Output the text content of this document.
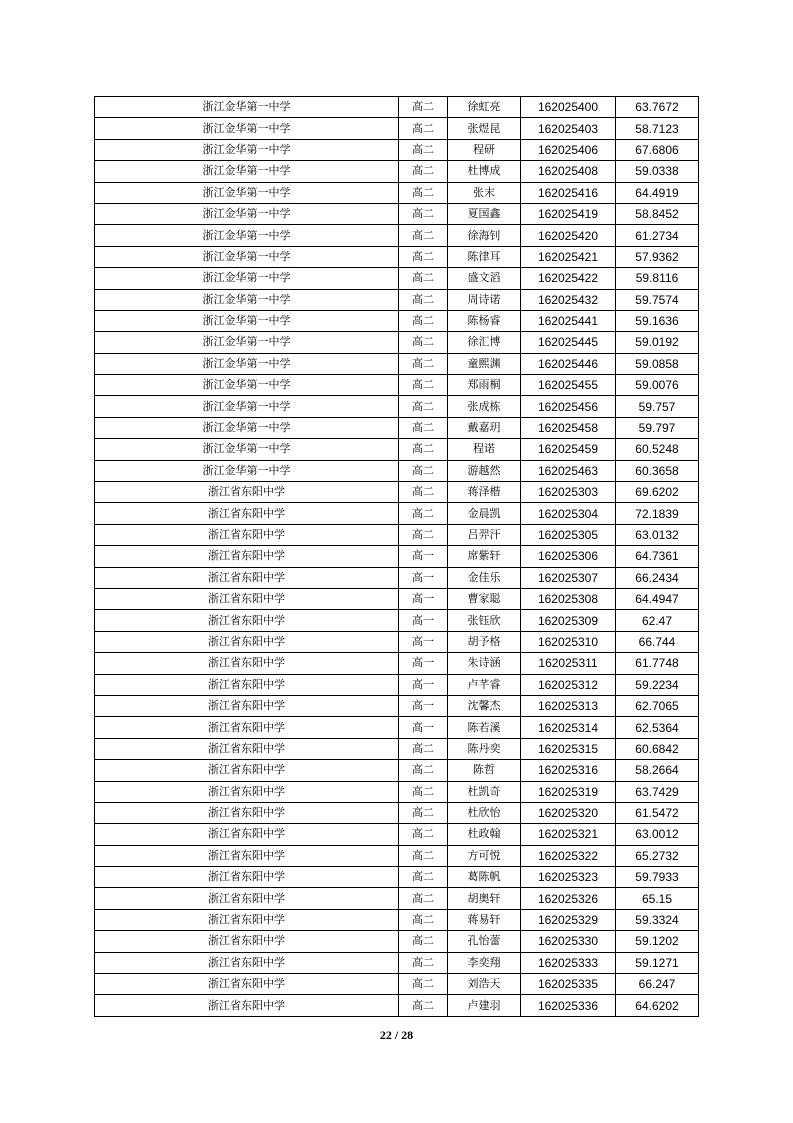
浙江金华第一中学	高二	徐虹亮	162025400	63.7672
浙江金华第一中学	高二	张煜昆	162025403	58.7123
浙江金华第一中学	高二	程研	162025406	67.6806
浙江金华第一中学	高二	杜博成	162025408	59.0338
浙江金华第一中学	高二	张末	162025416	64.4919
浙江金华第一中学	高二	夏国鑫	162025419	58.8452
浙江金华第一中学	高二	徐海钊	162025420	61.2734
浙江金华第一中学	高二	陈律耳	162025421	57.9362
浙江金华第一中学	高二	盛文滔	162025422	59.8116
浙江金华第一中学	高二	周诗诺	162025432	59.7574
浙江金华第一中学	高二	陈杨睿	162025441	59.1636
浙江金华第一中学	高二	徐汇博	162025445	59.0192
浙江金华第一中学	高二	童熙渊	162025446	59.0858
浙江金华第一中学	高二	郑雨桐	162025455	59.0076
浙江金华第一中学	高二	张成栋	162025456	59.757
浙江金华第一中学	高二	戴嘉玥	162025458	59.797
浙江金华第一中学	高二	程诺	162025459	60.5248
浙江金华第一中学	高二	游越然	162025463	60.3658
浙江省东阳中学	高二	蒋泽楷	162025303	69.6202
浙江省东阳中学	高二	金晨凯	162025304	72.1839
浙江省东阳中学	高二	吕羿汗	162025305	63.0132
浙江省东阳中学	高一	席紫轩	162025306	64.7361
浙江省东阳中学	高一	金佳乐	162025307	66.2434
浙江省东阳中学	高一	曹家聪	162025308	64.4947
浙江省东阳中学	高一	张钰欣	162025309	62.47
浙江省东阳中学	高一	胡予格	162025310	66.744
浙江省东阳中学	高一	朱诗涵	162025311	61.7748
浙江省东阳中学	高一	卢芊睿	162025312	59.2234
浙江省东阳中学	高一	沈馨杰	162025313	62.7065
浙江省东阳中学	高一	陈若溪	162025314	62.5364
浙江省东阳中学	高二	陈丹奕	162025315	60.6842
浙江省东阳中学	高二	陈哲	162025316	58.2664
浙江省东阳中学	高二	杜凯奇	162025319	63.7429
浙江省东阳中学	高二	杜欣怡	162025320	61.5472
浙江省东阳中学	高二	杜政翰	162025321	63.0012
浙江省东阳中学	高二	方可悦	162025322	65.2732
浙江省东阳中学	高二	葛陈帆	162025323	59.7933
浙江省东阳中学	高二	胡奥轩	162025326	65.15
浙江省东阳中学	高二	蒋易轩	162025329	59.3324
浙江省东阳中学	高二	孔怡蕾	162025330	59.1202
浙江省东阳中学	高二	李奕翔	162025333	59.1271
浙江省东阳中学	高二	刘浩天	162025335	66.247
浙江省东阳中学	高二	卢建羽	162025336	64.6202
22 / 28
